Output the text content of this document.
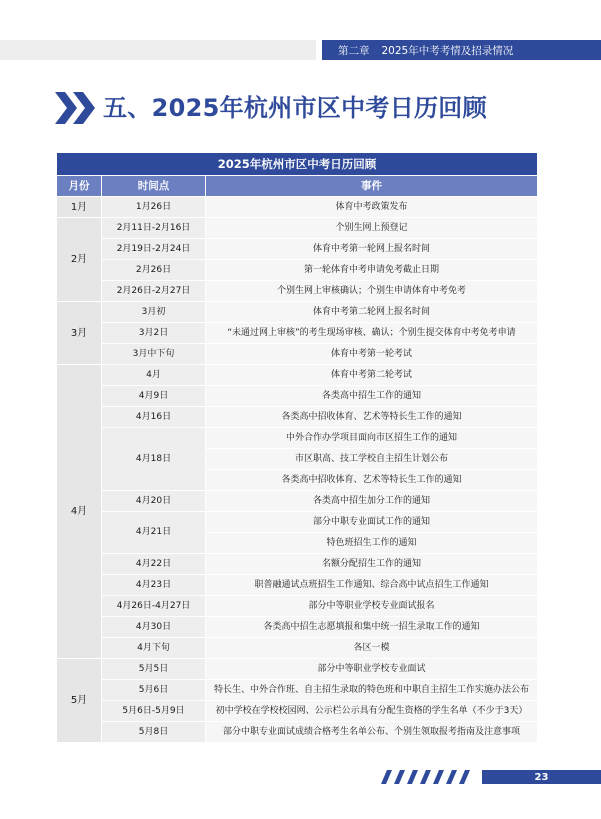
第二章 2025年中考考情及招录情况
五、2025年杭州市区中考日历回顾
2025年杭州市区中考日历回顾		
月份	时间点	事件
1月	1月26日	体育中考政策发布
2月	2月11日-2月16日	个别生网上预登记
	2月19日-2月24日	体育中考第一轮网上报名时间
	2月26日	第一轮体育中考申请免考截止日期
	2月26日-2月27日	个别生网上审核确认；个别生申请体育中考免考
3月	3月初	体育中考第二轮网上报名时间
	3月2日	“未通过网上审核”的考生现场审核、确认；个别生提交体育中考免考申请
	3月中下旬	体育中考第一轮考试
4月	4月	体育中考第二轮考试
	4月9日	各类高中招生工作的通知
	4月16日	各类高中招收体育、艺术等特长生工作的通知
	4月18日	中外合作办学项目面向市区招生工作的通知
		市区职高、技工学校自主招生计划公布
		各类高中招收体育、艺术等特长生工作的通知
	4月20日	各类高中招生加分工作的通知
	4月21日	部分中职专业面试工作的通知
		特色班招生工作的通知
	4月22日	名额分配招生工作的通知
	4月23日	职普融通试点班招生工作通知、综合高中试点招生工作通知
	4月26日-4月27日	部分中等职业学校专业面试报名
	4月30日	各类高中招生志愿填报和集中统一招生录取工作的通知
	4月下旬	各区一模
5月	5月5日	部分中等职业学校专业面试
	5月6日	特长生、中外合作班、自主招生录取的特色班和中职自主招生工作实施办法公布
	5月6日-5月9日	初中学校在学校校园网、公示栏公示具有分配生资格的学生名单（不少于3天）
	5月8日	部分中职专业面试成绩合格考生名单公布、个别生领取报考指南及注意事项
23
